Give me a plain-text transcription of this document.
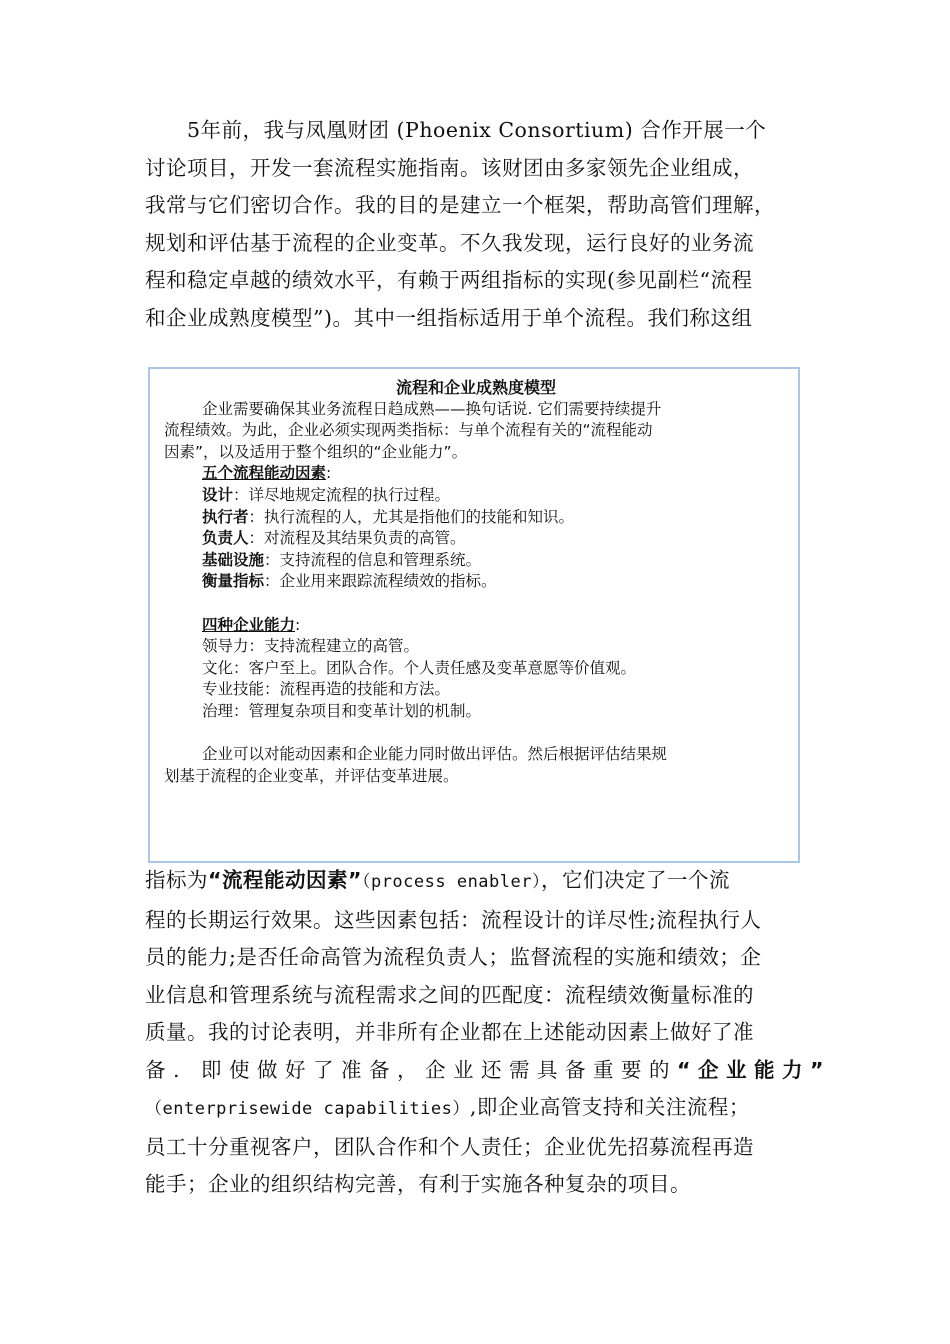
5年前，我与凤凰财团 (Phoenix Consortium) 合作开展一个
讨论项目，开发一套流程实施指南。该财团由多家领先企业组成，
我常与它们密切合作。我的目的是建立一个框架，帮助高管们理解，
规划和评估基于流程的企业变革。不久我发现，运行良好的业务流
程和稳定卓越的绩效水平，有赖于两组指标的实现(参见副栏“流程
和企业成熟度模型”)。其中一组指标适用于单个流程。我们称这组
流程和企业成熟度模型
企业需要确保其业务流程日趋成熟——换句话说. 它们需要持续提升
流程绩效。为此，企业必须实现两类指标：与单个流程有关的“流程能动
因素”，以及适用于整个组织的“企业能力”。
五个流程能动因素:
设计：详尽地规定流程的执行过程。
执行者：执行流程的人，尤其是指他们的技能和知识。
负责人：对流程及其结果负责的高管。
基础设施：支持流程的信息和管理系统。
衡量指标：企业用来跟踪流程绩效的指标。
四种企业能力:
领导力：支持流程建立的高管。
文化：客户至上。团队合作。个人责任感及变革意愿等价值观。
专业技能：流程再造的技能和方法。
治理：管理复杂项目和变革计划的机制。
企业可以对能动因素和企业能力同时做出评估。然后根据评估结果规
划基于流程的企业变革，并评估变革进展。
指标为“流程能动因素”（process enabler），它们决定了一个流
程的长期运行效果。这些因素包括：流程设计的详尽性;流程执行人
员的能力;是否任命高管为流程负责人；监督流程的实施和绩效；企
业信息和管理系统与流程需求之间的匹配度：流程绩效衡量标准的
质量。我的讨论表明，并非所有企业都在上述能动因素上做好了准
备. 即使做好了准备，企业还需具备重要的“企业能力”
（enterprisewide capabilities）,即企业高管支持和关注流程；
员工十分重视客户，团队合作和个人责任；企业优先招募流程再造
能手；企业的组织结构完善，有利于实施各种复杂的项目。
